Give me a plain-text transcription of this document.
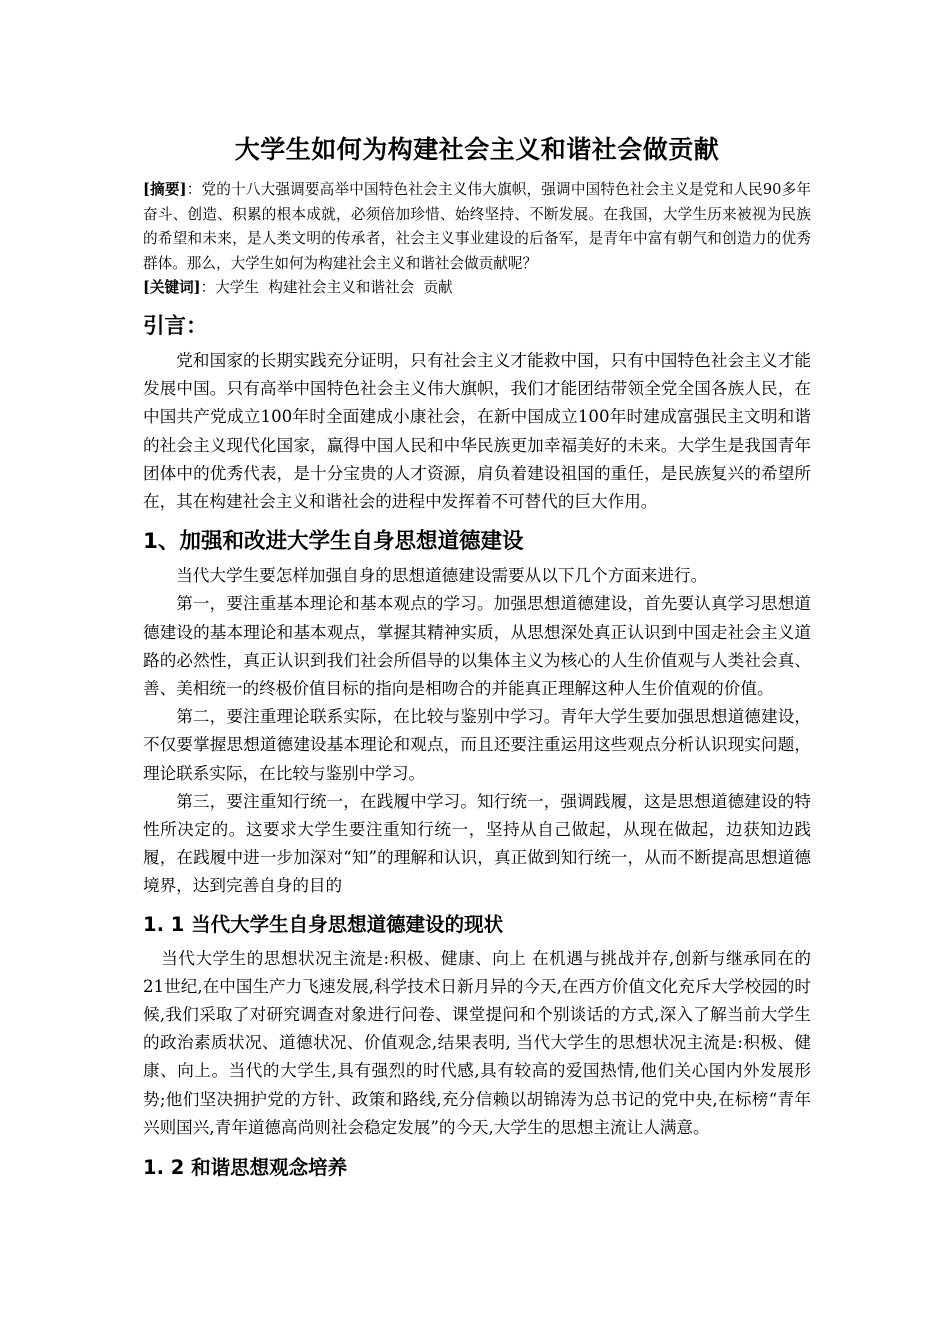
大学生如何为构建社会主义和谐社会做贡献

[摘要]：党的十八大强调要高举中国特色社会主义伟大旗帜，强调中国特色社会主义是党和人民90多年奋斗、创造、积累的根本成就，必须倍加珍惜、始终坚持、不断发展。在我国，大学生历来被视为民族的希望和未来，是人类文明的传承者，社会主义事业建设的后备军，是青年中富有朝气和创造力的优秀群体。那么，大学生如何为构建社会主义和谐社会做贡献呢？

[关键词]：大学生  构建社会主义和谐社会  贡献

引言：

党和国家的长期实践充分证明，只有社会主义才能救中国，只有中国特色社会主义才能发展中国。只有高举中国特色社会主义伟大旗帜，我们才能团结带领全党全国各族人民，在中国共产党成立100年时全面建成小康社会，在新中国成立100年时建成富强民主文明和谐的社会主义现代化国家，赢得中国人民和中华民族更加幸福美好的未来。大学生是我国青年团体中的优秀代表，是十分宝贵的人才资源，肩负着建设祖国的重任，是民族复兴的希望所在，其在构建社会主义和谐社会的进程中发挥着不可替代的巨大作用。

1、加强和改进大学生自身思想道德建设

当代大学生要怎样加强自身的思想道德建设需要从以下几个方面来进行。

第一，要注重基本理论和基本观点的学习。加强思想道德建设，首先要认真学习思想道德建设的基本理论和基本观点，掌握其精神实质，从思想深处真正认识到中国走社会主义道路的必然性，真正认识到我们社会所倡导的以集体主义为核心的人生价值观与人类社会真、善、美相统一的终极价值目标的指向是相吻合的并能真正理解这种人生价值观的价值。

第二，要注重理论联系实际，在比较与鉴别中学习。青年大学生要加强思想道德建设，不仅要掌握思想道德建设基本理论和观点，而且还要注重运用这些观点分析认识现实问题，理论联系实际，在比较与鉴别中学习。

第三，要注重知行统一，在践履中学习。知行统一，强调践履，这是思想道德建设的特性所决定的。这要求大学生要注重知行统一，坚持从自己做起，从现在做起，边获知边践履，在践履中进一步加深对“知”的理解和认识，真正做到知行统一，从而不断提高思想道德境界，达到完善自身的目的

1. 1 当代大学生自身思想道德建设的现状

当代大学生的思想状况主流是:积极、健康、向上 在机遇与挑战并存,创新与继承同在的21世纪,在中国生产力飞速发展,科学技术日新月异的今天,在西方价值文化充斥大学校园的时候,我们采取了对研究调查对象进行问卷、课堂提问和个别谈话的方式,深入了解当前大学生的政治素质状况、道德状况、价值观念,结果表明, 当代大学生的思想状况主流是:积极、健康、向上。当代的大学生,具有强烈的时代感,具有较高的爱国热情,他们关心国内外发展形势;他们坚决拥护党的方针、政策和路线,充分信赖以胡锦涛为总书记的党中央,在标榜“青年兴则国兴,青年道德高尚则社会稳定发展”的今天,大学生的思想主流让人满意。

1. 2 和谐思想观念培养
